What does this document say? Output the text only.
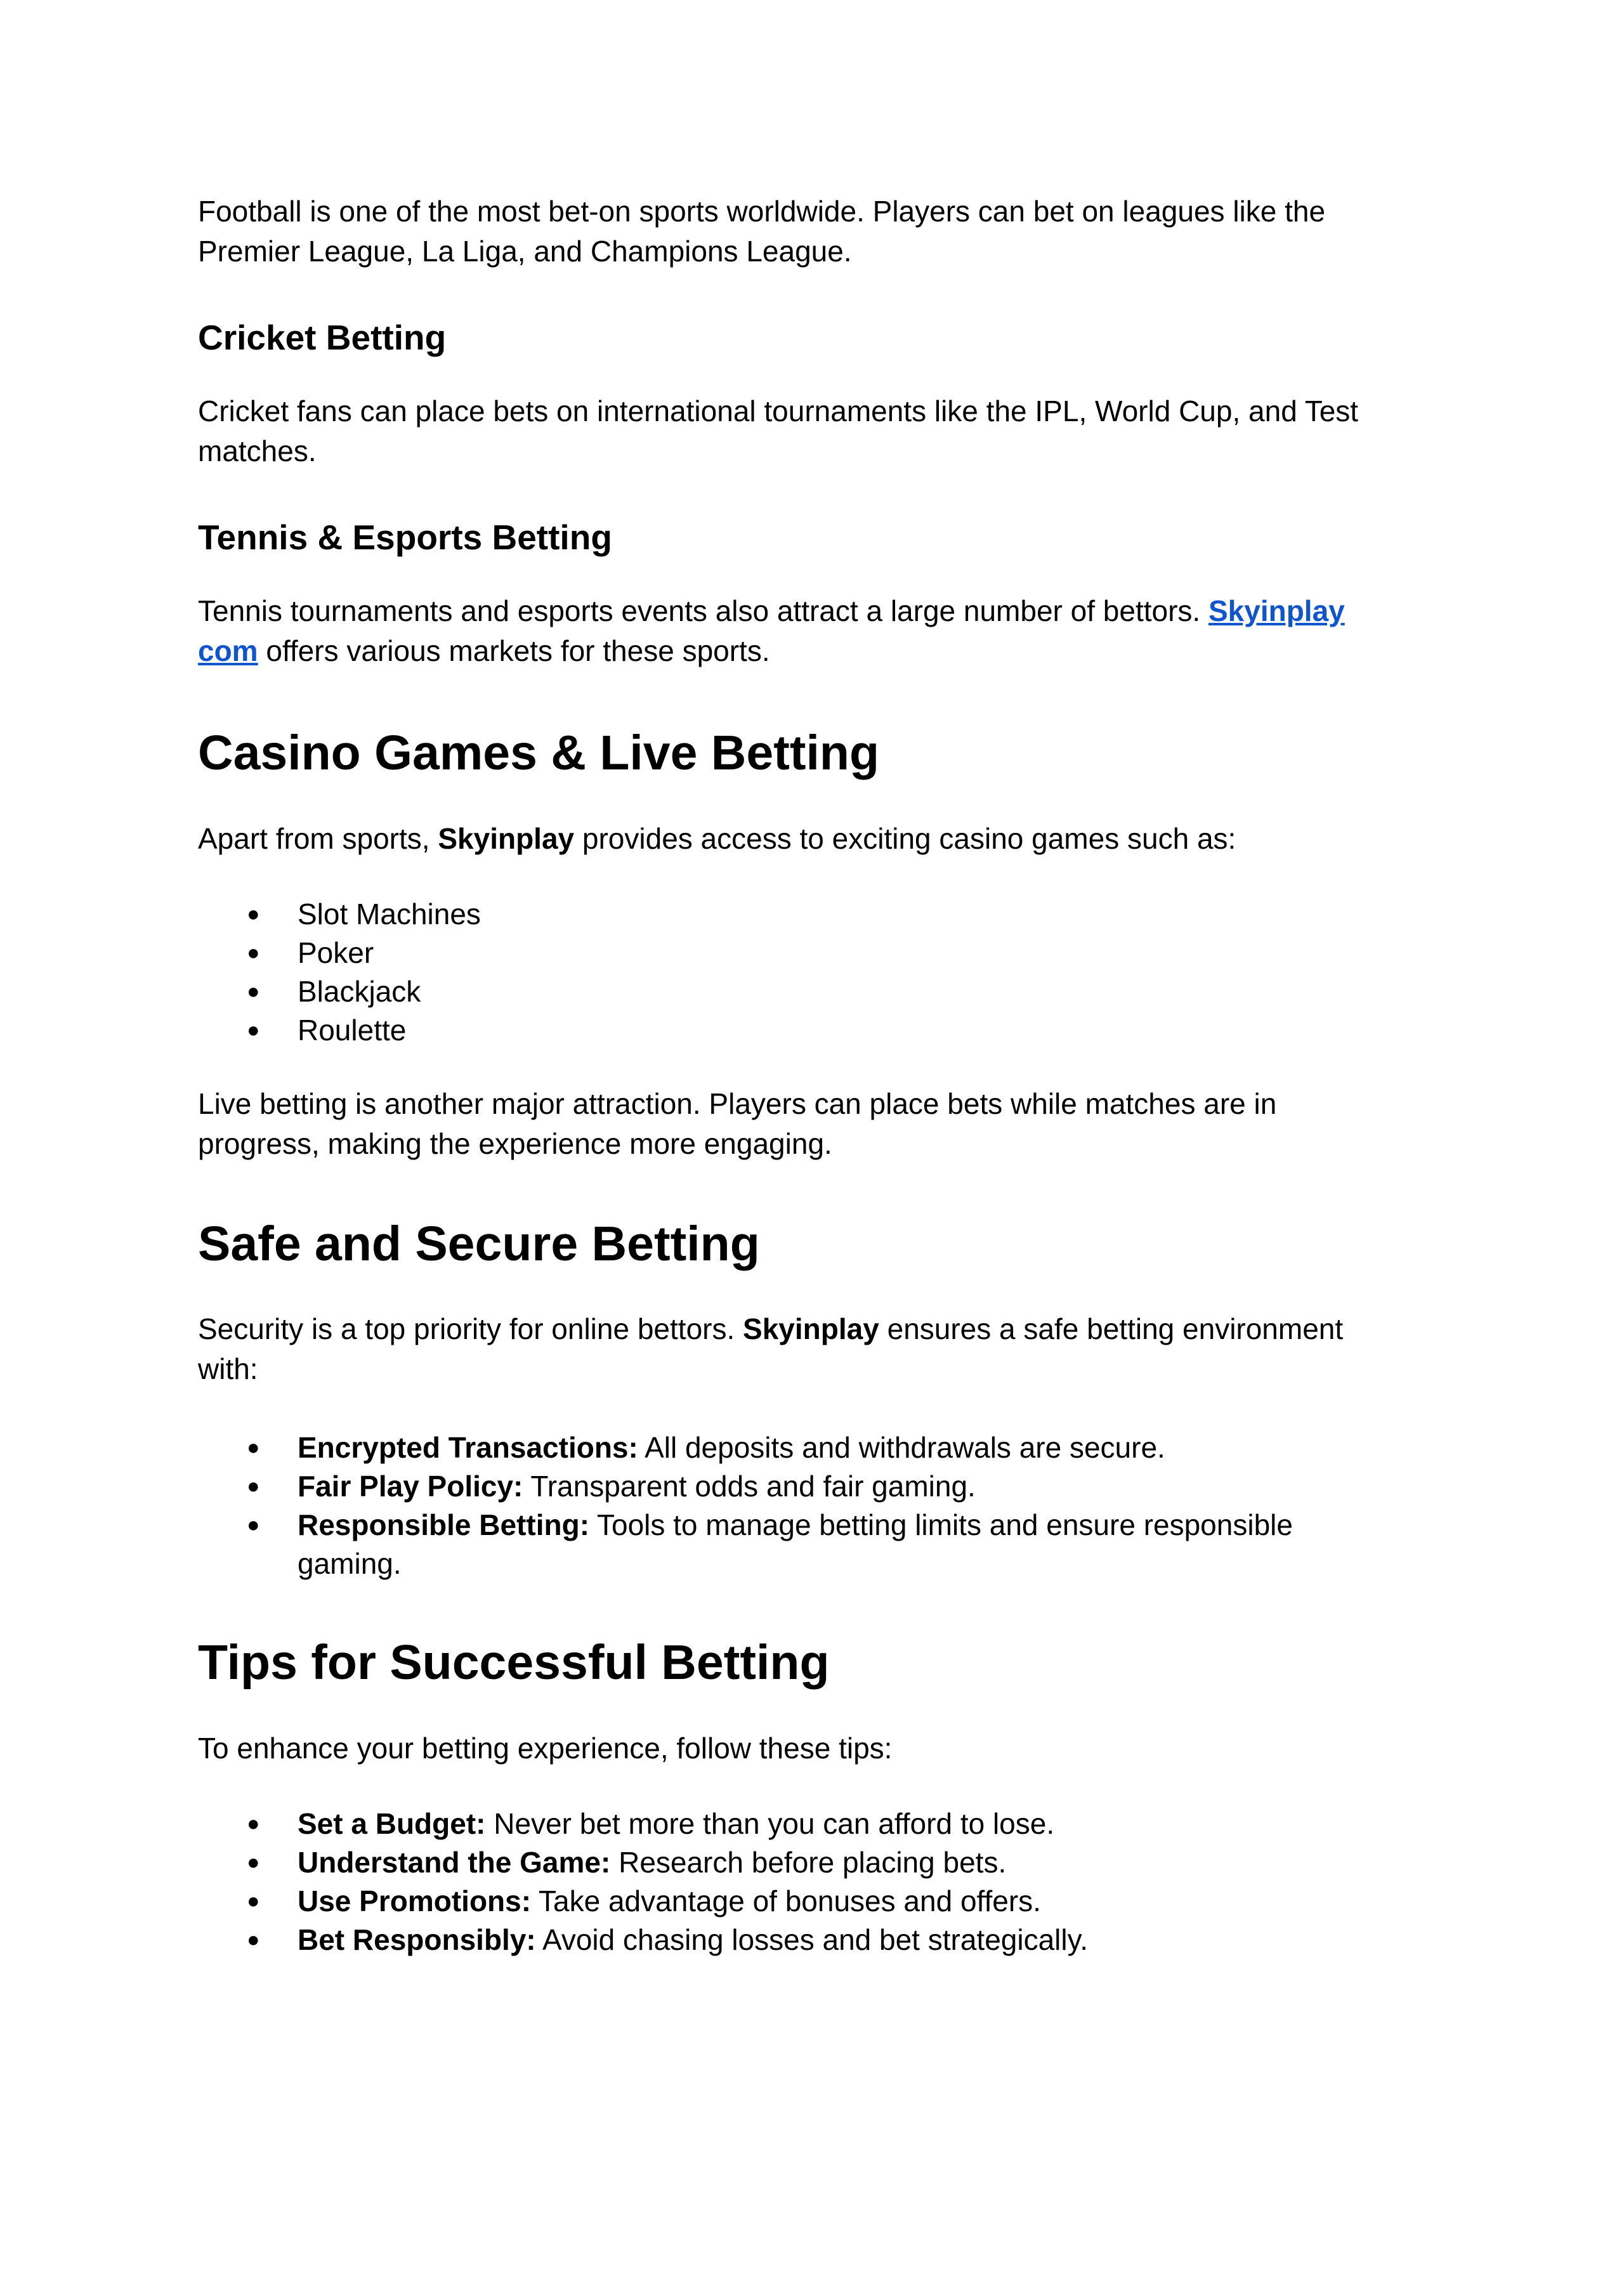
Football is one of the most bet-on sports worldwide. Players can bet on leagues like the
Premier League, La Liga, and Champions League.

Cricket Betting

Cricket fans can place bets on international tournaments like the IPL, World Cup, and Test
matches.

Tennis & Esports Betting

Tennis tournaments and esports events also attract a large number of bettors. Skyinplay
com offers various markets for these sports.

Casino Games & Live Betting

Apart from sports, Skyinplay provides access to exciting casino games such as:

● Slot Machines
● Poker
● Blackjack
● Roulette

Live betting is another major attraction. Players can place bets while matches are in
progress, making the experience more engaging.

Safe and Secure Betting

Security is a top priority for online bettors. Skyinplay ensures a safe betting environment
with:

● Encrypted Transactions: All deposits and withdrawals are secure.
● Fair Play Policy: Transparent odds and fair gaming.
● Responsible Betting: Tools to manage betting limits and ensure responsible
gaming.
Tips for Successful Betting

To enhance your betting experience, follow these tips:

● Set a Budget: Never bet more than you can afford to lose.
● Understand the Game: Research before placing bets.
● Use Promotions: Take advantage of bonuses and offers.
● Bet Responsibly: Avoid chasing losses and bet strategically.
